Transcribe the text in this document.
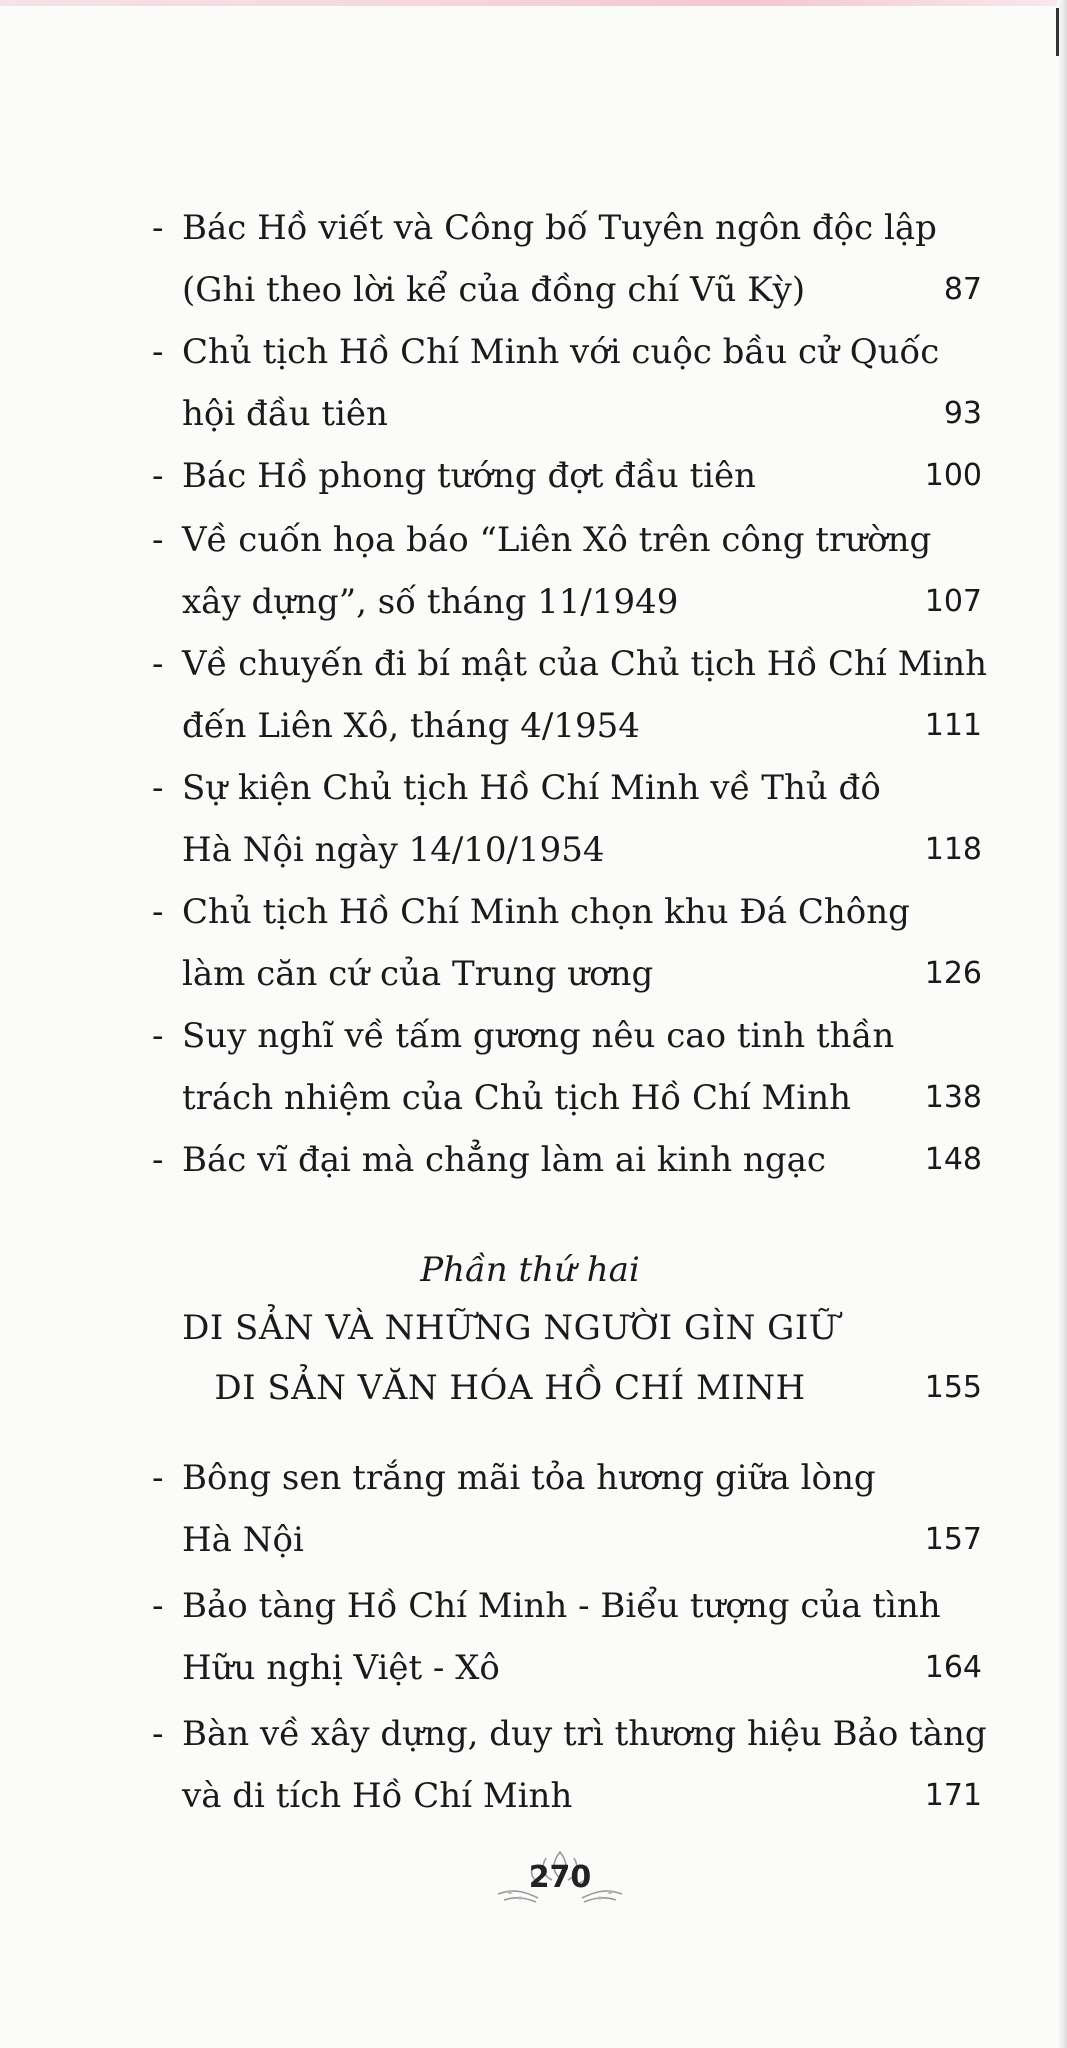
- Bác Hồ viết và Công bố Tuyên ngôn độc lập
(Ghi theo lời kể của đồng chí Vũ Kỳ)	87
- Chủ tịch Hồ Chí Minh với cuộc bầu cử Quốc
hội đầu tiên	93
- Bác Hồ phong tướng đợt đầu tiên	100
- Về cuốn họa báo “Liên Xô trên công trường
xây dựng”, số tháng 11/1949	107
- Về chuyến đi bí mật của Chủ tịch Hồ Chí Minh
đến Liên Xô, tháng 4/1954	111
- Sự kiện Chủ tịch Hồ Chí Minh về Thủ đô
Hà Nội ngày 14/10/1954	118
- Chủ tịch Hồ Chí Minh chọn khu Đá Chông
làm căn cứ của Trung ương	126
- Suy nghĩ về tấm gương nêu cao tinh thần
trách nhiệm của Chủ tịch Hồ Chí Minh	138
- Bác vĩ đại mà chẳng làm ai kinh ngạc	148
Phần thứ hai
DI SẢN VÀ NHỮNG NGƯỜI GÌN GIỮ
DI SẢN VĂN HÓA HỒ CHÍ MINH	155
- Bông sen trắng mãi tỏa hương giữa lòng
Hà Nội	157
- Bảo tàng Hồ Chí Minh - Biểu tượng của tình
Hữu nghị Việt - Xô	164
- Bàn về xây dựng, duy trì thương hiệu Bảo tàng
và di tích Hồ Chí Minh	171
270
